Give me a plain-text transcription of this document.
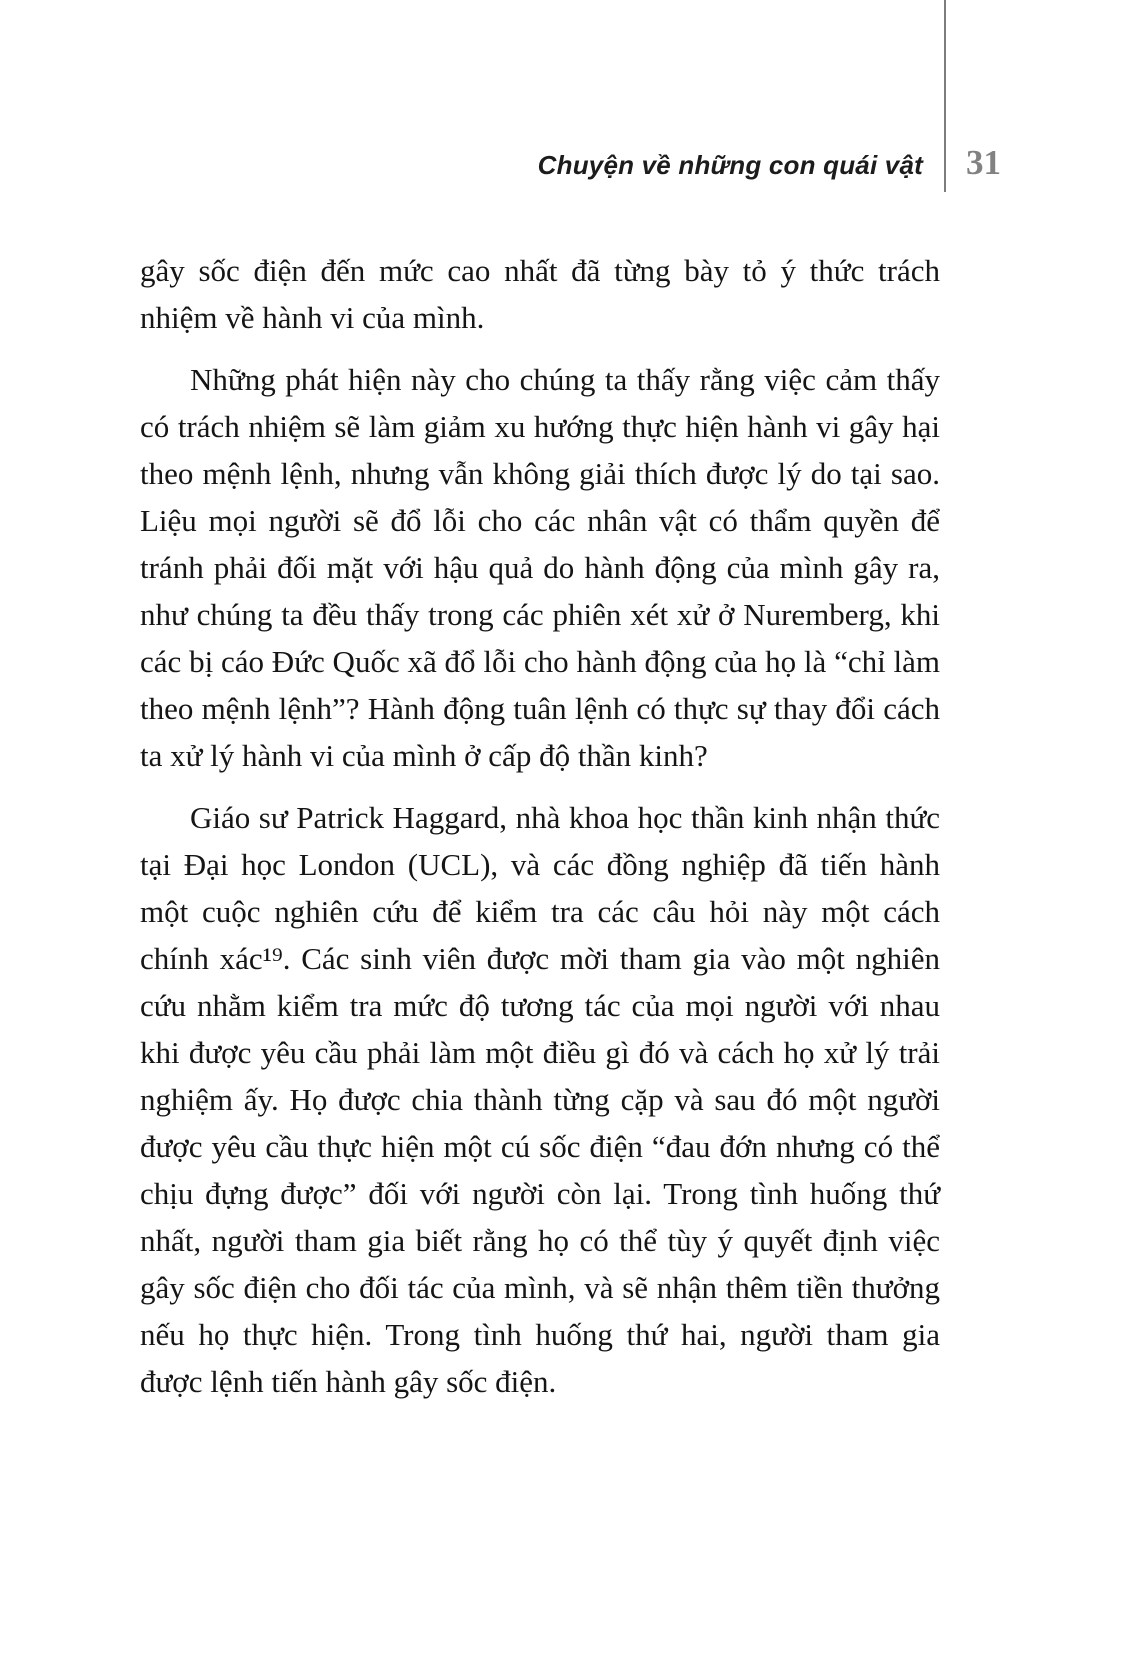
Chuyện về những con quái vật 31

gây sốc điện đến mức cao nhất đã từng bày tỏ ý thức trách nhiệm về hành vi của mình.

Những phát hiện này cho chúng ta thấy rằng việc cảm thấy có trách nhiệm sẽ làm giảm xu hướng thực hiện hành vi gây hại theo mệnh lệnh, nhưng vẫn không giải thích được lý do tại sao. Liệu mọi người sẽ đổ lỗi cho các nhân vật có thẩm quyền để tránh phải đối mặt với hậu quả do hành động của mình gây ra, như chúng ta đều thấy trong các phiên xét xử ở Nuremberg, khi các bị cáo Đức Quốc xã đổ lỗi cho hành động của họ là “chỉ làm theo mệnh lệnh”? Hành động tuân lệnh có thực sự thay đổi cách ta xử lý hành vi của mình ở cấp độ thần kinh?

Giáo sư Patrick Haggard, nhà khoa học thần kinh nhận thức tại Đại học London (UCL), và các đồng nghiệp đã tiến hành một cuộc nghiên cứu để kiểm tra các câu hỏi này một cách chính xác¹⁹. Các sinh viên được mời tham gia vào một nghiên cứu nhằm kiểm tra mức độ tương tác của mọi người với nhau khi được yêu cầu phải làm một điều gì đó và cách họ xử lý trải nghiệm ấy. Họ được chia thành từng cặp và sau đó một người được yêu cầu thực hiện một cú sốc điện “đau đớn nhưng có thể chịu đựng được” đối với người còn lại. Trong tình huống thứ nhất, người tham gia biết rằng họ có thể tùy ý quyết định việc gây sốc điện cho đối tác của mình, và sẽ nhận thêm tiền thưởng nếu họ thực hiện. Trong tình huống thứ hai, người tham gia được lệnh tiến hành gây sốc điện.
